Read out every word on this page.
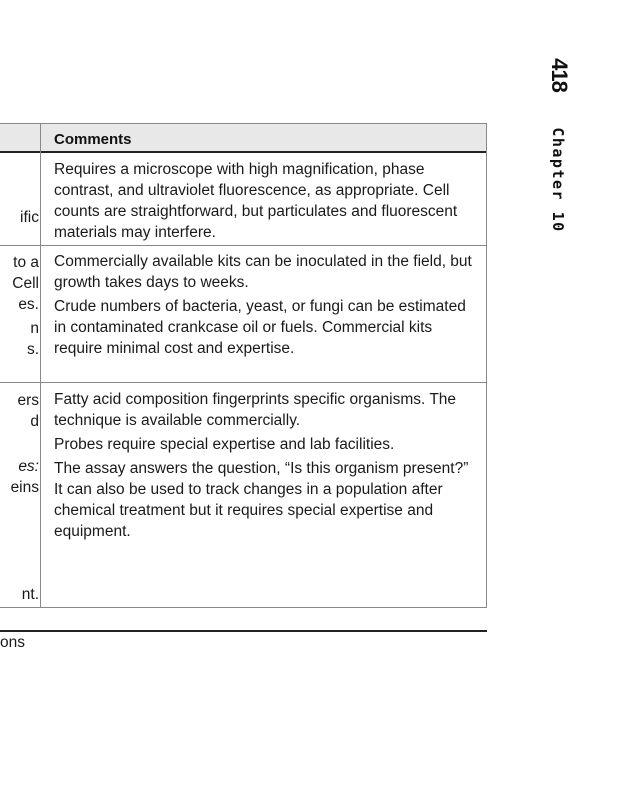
418
Chapter 10
Comments
ific

Requires a microscope with high magnification, phase contrast, and ultraviolet fluorescence, as appropriate. Cell counts are straightforward, but particulates and fluorescent materials may interfere.

to a
Cell
es.
n
s.

Commercially available kits can be inoculated in the field, but growth takes days to weeks.

Crude numbers of bacteria, yeast, or fungi can be estimated in contaminated crankcase oil or fuels. Commercial kits require minimal cost and expertise.

ers
d
es:
eins
nt.

Fatty acid composition fingerprints specific organisms. The technique is available commercially.

Probes require special expertise and lab facilities.

The assay answers the question, “Is this organism present?” It can also be used to track changes in a population after chemical treatment but it requires special expertise and equipment.

ons
